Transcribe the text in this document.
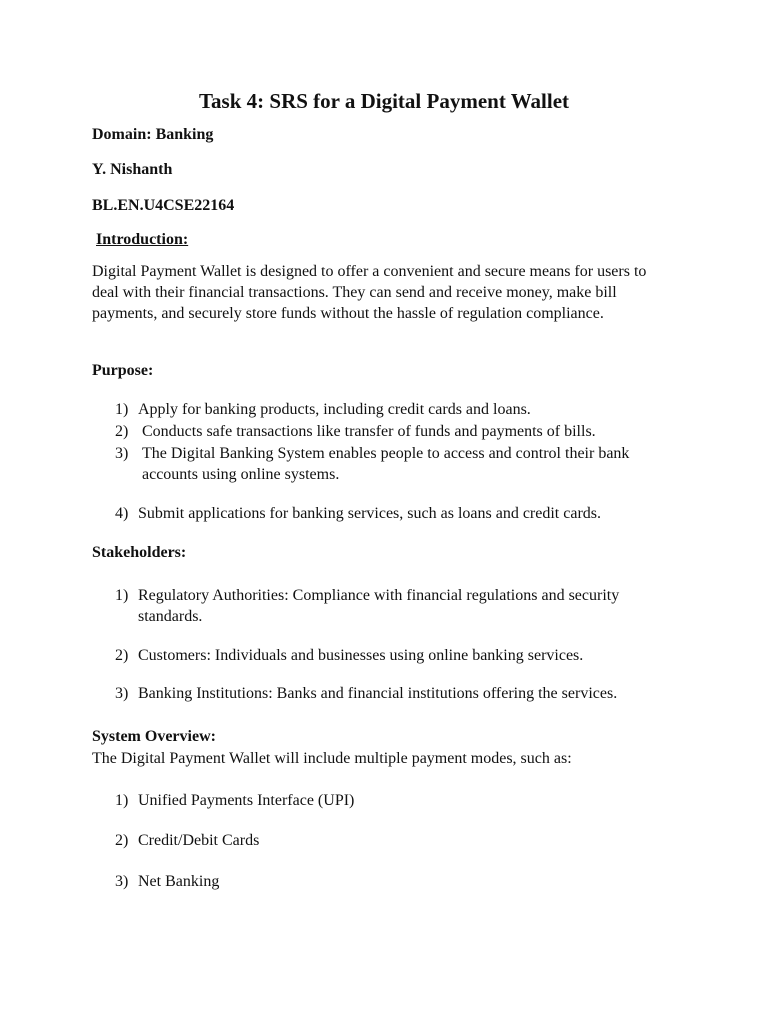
Task 4: SRS for a Digital Payment Wallet
Domain: Banking
Y. Nishanth
BL.EN.U4CSE22164
Introduction:
Digital Payment Wallet is designed to offer a convenient and secure means for users to deal with their financial transactions. They can send and receive money, make bill payments, and securely store funds without the hassle of regulation compliance.
Purpose:
1) Apply for banking products, including credit cards and loans.
2) Conducts safe transactions like transfer of funds and payments of bills.
3) The Digital Banking System enables people to access and control their bank accounts using online systems.
4) Submit applications for banking services, such as loans and credit cards.
Stakeholders:
1) Regulatory Authorities: Compliance with financial regulations and security standards.
2) Customers: Individuals and businesses using online banking services.
3) Banking Institutions: Banks and financial institutions offering the services.
System Overview:
The Digital Payment Wallet will include multiple payment modes, such as:
1) Unified Payments Interface (UPI)
2) Credit/Debit Cards
3) Net Banking
